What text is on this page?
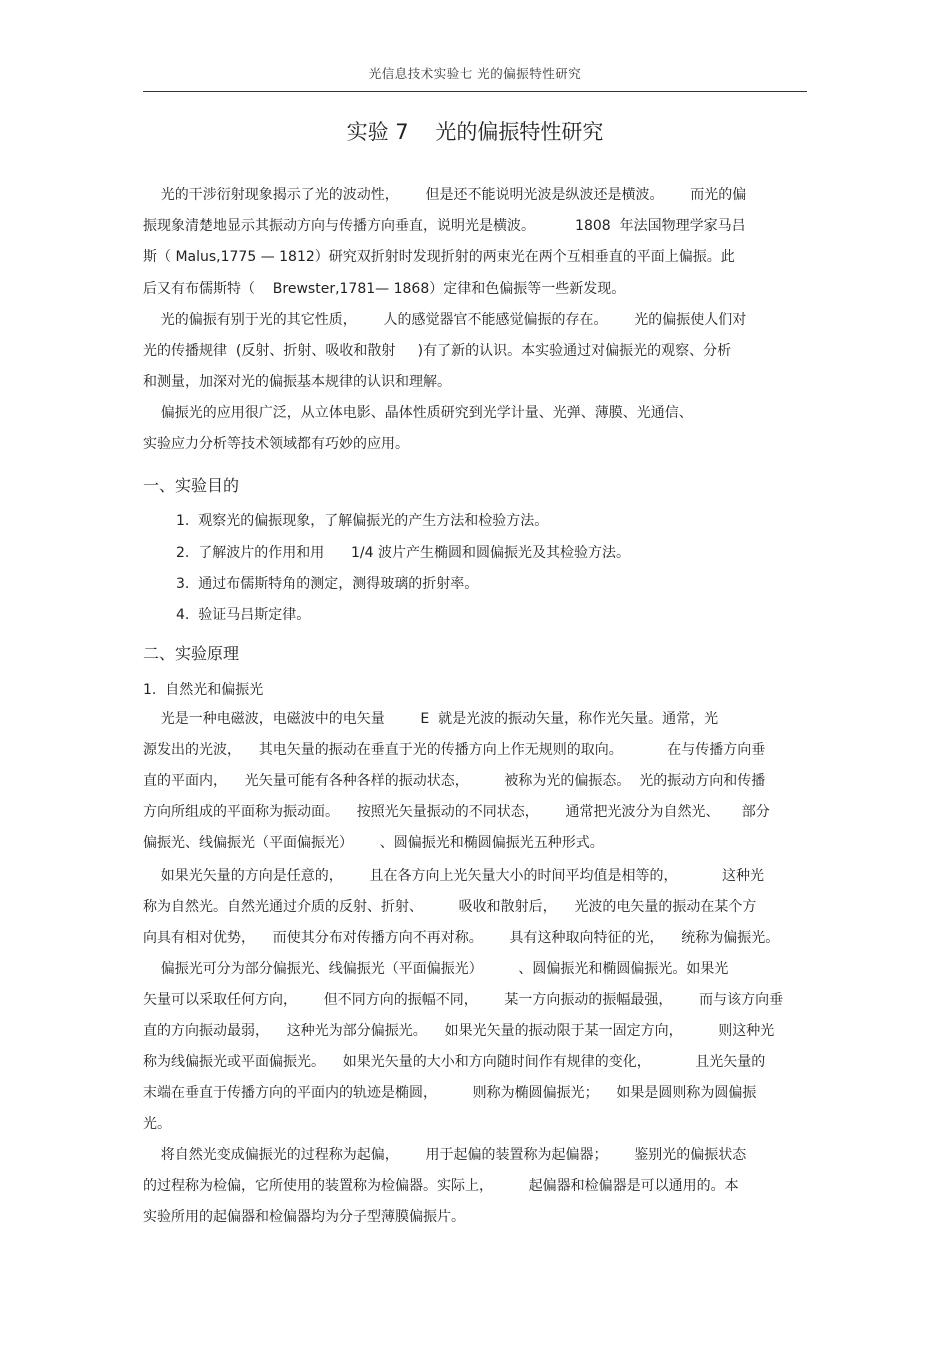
光信息技术实验七 光的偏振特性研究
实验 7    光的偏振特性研究
光的干涉衍射现象揭示了光的波动性，      但是还不能说明光波是纵波还是横波。      而光的偏
振现象清楚地显示其振动方向与传播方向垂直，说明光是横波。         1808  年法国物理学家马吕
斯（ Malus,1775 — 1812）研究双折射时发现折射的两束光在两个互相垂直的平面上偏振。此
后又有布儒斯特（    Brewster,1781— 1868）定律和色偏振等一些新发现。
光的偏振有别于光的其它性质，      人的感觉器官不能感觉偏振的存在。      光的偏振使人们对
光的传播规律  (反射、折射、吸收和散射     )有了新的认识。本实验通过对偏振光的观察、分析
和测量，加深对光的偏振基本规律的认识和理解。
偏振光的应用很广泛，从立体电影、晶体性质研究到光学计量、光弹、薄膜、光通信、
实验应力分析等技术领域都有巧妙的应用。
一、实验目的
1.  观察光的偏振现象，了解偏振光的产生方法和检验方法。
2.  了解波片的作用和用      1/4 波片产生椭圆和圆偏振光及其检验方法。
3.  通过布儒斯特角的测定，测得玻璃的折射率。
4.  验证马吕斯定律。
二、实验原理
1.  自然光和偏振光
光是一种电磁波，电磁波中的电矢量        E  就是光波的振动矢量，称作光矢量。通常，光
源发出的光波，    其电矢量的振动在垂直于光的传播方向上作无规则的取向。          在与传播方向垂
直的平面内，    光矢量可能有各种各样的振动状态，        被称为光的偏振态。  光的振动方向和传播
方向所组成的平面称为振动面。    按照光矢量振动的不同状态，      通常把光波分为自然光、     部分
偏振光、线偏振光（平面偏振光）      、圆偏振光和椭圆偏振光五种形式。
如果光矢量的方向是任意的，      且在各方向上光矢量大小的时间平均值是相等的，          这种光
称为自然光。自然光通过介质的反射、折射、        吸收和散射后，    光波的电矢量的振动在某个方
向具有相对优势，    而使其分布对传播方向不再对称。      具有这种取向特征的光，    统称为偏振光。
偏振光可分为部分偏振光、线偏振光（平面偏振光）        、圆偏振光和椭圆偏振光。如果光
矢量可以采取任何方向，      但不同方向的振幅不同，      某一方向振动的振幅最强，      而与该方向垂
直的方向振动最弱，    这种光为部分偏振光。    如果光矢量的振动限于某一固定方向，        则这种光
称为线偏振光或平面偏振光。    如果光矢量的大小和方向随时间作有规律的变化，          且光矢量的
末端在垂直于传播方向的平面内的轨迹是椭圆，        则称为椭圆偏振光；    如果是圆则称为圆偏振
光。
将自然光变成偏振光的过程称为起偏，      用于起偏的装置称为起偏器；      鉴别光的偏振状态
的过程称为检偏，它所使用的装置称为检偏器。实际上，        起偏器和检偏器是可以通用的。本
实验所用的起偏器和检偏器均为分子型薄膜偏振片。
